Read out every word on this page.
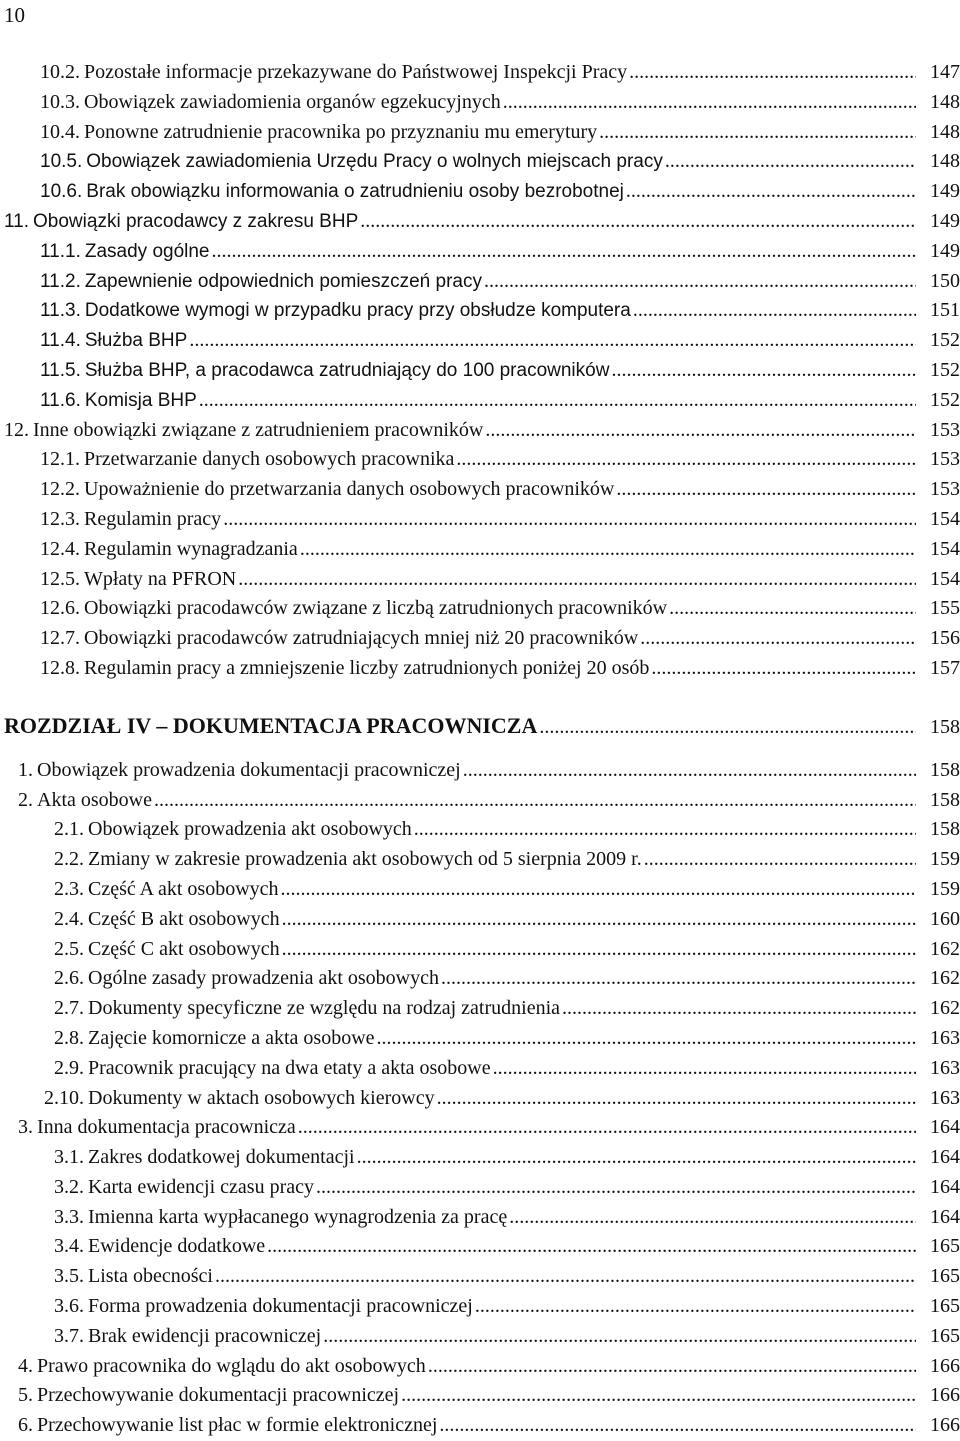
10
10.2. Pozostałe informacje przekazywane do Państwowej Inspekcji Pracy .....	147
10.3. Obowiązek zawiadomienia organów egzekucyjnych .....	148
10.4. Ponowne zatrudnienie pracownika po przyznaniu mu emerytury .....	148
10.5. Obowiązek zawiadomienia Urzędu Pracy o wolnych miejscach pracy .....	148
10.6. Brak obowiązku informowania o zatrudnieniu osoby bezrobotnej .....	149
11. Obowiązki pracodawcy z zakresu BHP .....	149
11.1. Zasady ogólne .....	149
11.2. Zapewnienie odpowiednich pomieszczeń pracy .....	150
11.3. Dodatkowe wymogi w przypadku pracy przy obsłudze komputera .....	151
11.4. Służba BHP .....	152
11.5. Służba BHP, a pracodawca zatrudniający do 100 pracowników .....	152
11.6. Komisja BHP .....	152
12. Inne obowiązki związane z zatrudnieniem pracowników .....	153
12.1. Przetwarzanie danych osobowych pracownika .....	153
12.2. Upoważnienie do przetwarzania danych osobowych pracowników .....	153
12.3. Regulamin pracy .....	154
12.4. Regulamin wynagradzania .....	154
12.5. Wpłaty na PFRON .....	154
12.6. Obowiązki pracodawców związane z liczbą zatrudnionych pracowników .....	155
12.7. Obowiązki pracodawców zatrudniających mniej niż 20 pracowników .....	156
12.8. Regulamin pracy a zmniejszenie liczby zatrudnionych poniżej 20 osób .....	157
ROZDZIAŁ IV – DOKUMENTACJA PRACOWNICZA .....	158
1. Obowiązek prowadzenia dokumentacji pracowniczej .....	158
2. Akta osobowe .....	158
2.1. Obowiązek prowadzenia akt osobowych .....	158
2.2. Zmiany w zakresie prowadzenia akt osobowych od 5 sierpnia 2009 r. .....	159
2.3. Część A akt osobowych .....	159
2.4. Część B akt osobowych .....	160
2.5. Część C akt osobowych .....	162
2.6. Ogólne zasady prowadzenia akt osobowych .....	162
2.7. Dokumenty specyficzne ze względu na rodzaj zatrudnienia .....	162
2.8. Zajęcie komornicze a akta osobowe .....	163
2.9. Pracownik pracujący na dwa etaty a akta osobowe .....	163
2.10. Dokumenty w aktach osobowych kierowcy .....	163
3. Inna dokumentacja pracownicza .....	164
3.1. Zakres dodatkowej dokumentacji .....	164
3.2. Karta ewidencji czasu pracy .....	164
3.3. Imienna karta wypłacanego wynagrodzenia za pracę .....	164
3.4. Ewidencje dodatkowe .....	165
3.5. Lista obecności .....	165
3.6. Forma prowadzenia dokumentacji pracowniczej .....	165
3.7. Brak ewidencji pracowniczej .....	165
4. Prawo pracownika do wglądu do akt osobowych .....	166
5. Przechowywanie dokumentacji pracowniczej .....	166
6. Przechowywanie list płac w formie elektronicznej .....	166
